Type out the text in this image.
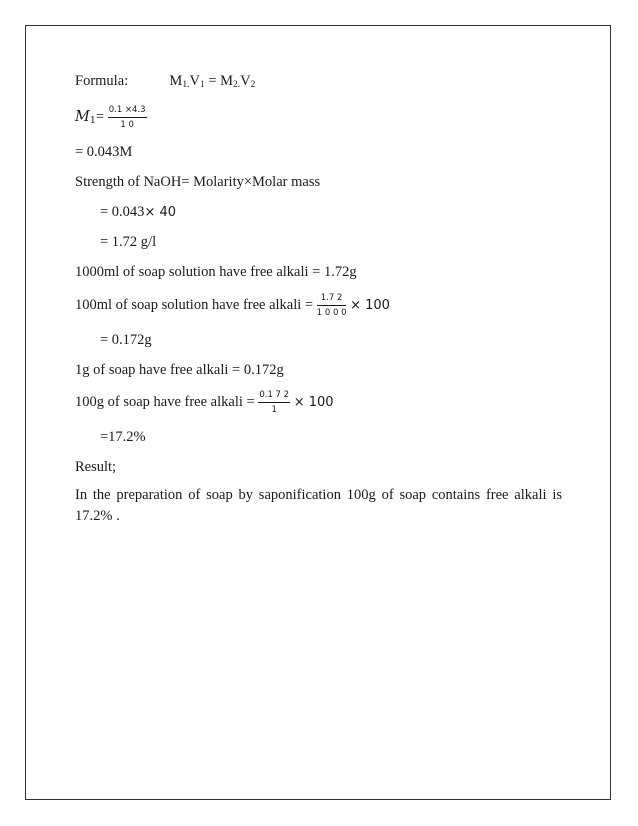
Formula:	$M_{1.}V_1 = M_{2.}V_2$
$M_1= \frac{0.1 \times 4.3}{1 0}$
= 0.043M
Strength of NaOH= Molarity×Molar mass
= 0.043× 40
= 1.72 g/l
1000ml of soap solution have free alkali = 1.72g
100ml of soap solution have free alkali = $\frac{1.7 2}{1 0 0 0} \times 100$
= 0.172g
1g of soap have free alkali = 0.172g
100g of soap have free alkali = $\frac{0.1 7 2}{1} \times 100$
=17.2%
Result;
In the preparation of soap by saponification 100g of soap contains free alkali is 17.2% .
